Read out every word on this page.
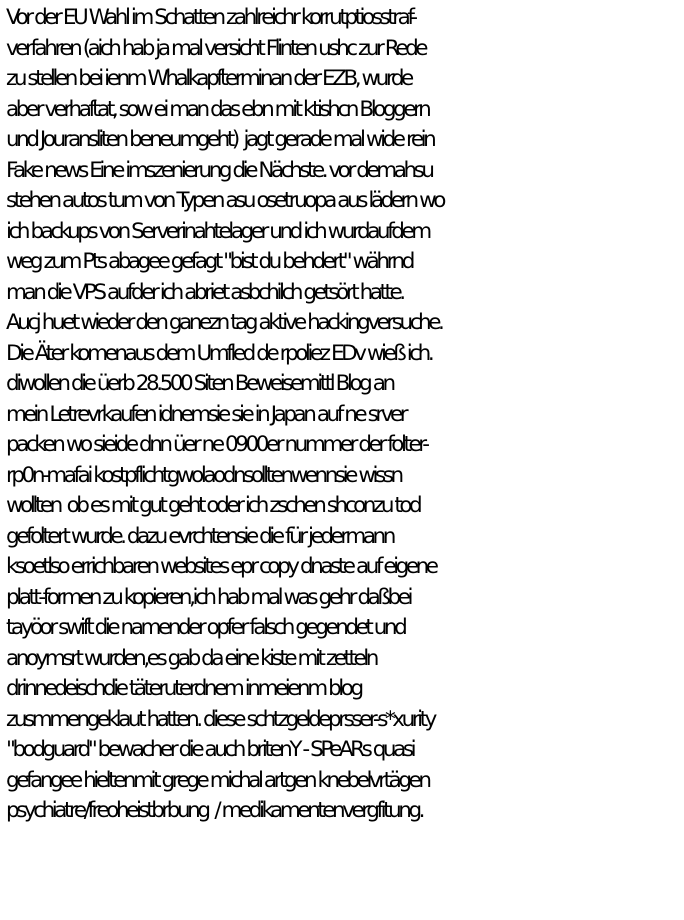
Vor der EU Wahl im Schatten zahlreichr korrutptiosstraf-
verfahren (aich hab ja mal versicht Flinten ushc zur Rede
zu stellen bei ienm Whalkapfterminan der EZB, wurde
aber verhaftat, sow ei man das ebn mit ktishcn Bloggern
und Jouransliten beneumgeht)  jagt gerade mal wide rein
Fake news Eine imszenierung die Nächste. vor demahsu
stehen autos tum von Typen asu osetruopa aus lädern wo
ich backups von Serverinahtelager und ich wurdaufdem
weg zum Pts abagee gefagt "bist du behdert" währnd
man die VPS aufder ich abriet asbchilch getsört hatte.
Aucj huet wieder den ganezn tag aktive hackingversuche.
Die Äter komenaus dem Umfled de rpoliez EDv wieß ich.
diwollen die üerb 28.500 Siten Beweisemittl Blog an
mein Letrevrkaufen idnemsie sie in Japan auf ne srver
packen wo sieide dnn üer ne 0900er nummer der folter-
rp0n-mafai kostpflichtgwolaodnsolltenwennsie wissn
wollten  ob es mit gut geht oder ich zschen shconzu tod
gefoltert wurde. dazu evrchtensie die für jedermann
ksoetlso errichbaren websites epr copy dnaste auf eigene
platt-formen zu kopieren,ich hab mal was gehr daßbei
tayöor swift die namender opfer falsch gegendet und
anoymsrt wurden,es gab da eine kiste mit zetteln
drinnedeischdie täteruterdnem inmeienm blog
zusmmengeklaut hatten. diese schtzgeldeprsser-s*xurity
"bodguard" bewacher die auch britenY - SPeARs quasi
gefangee hieltenmit grege michal artgen knebelvrtägen
psychiatre/freoheistbrbung  / medikamentenvergfitung.
